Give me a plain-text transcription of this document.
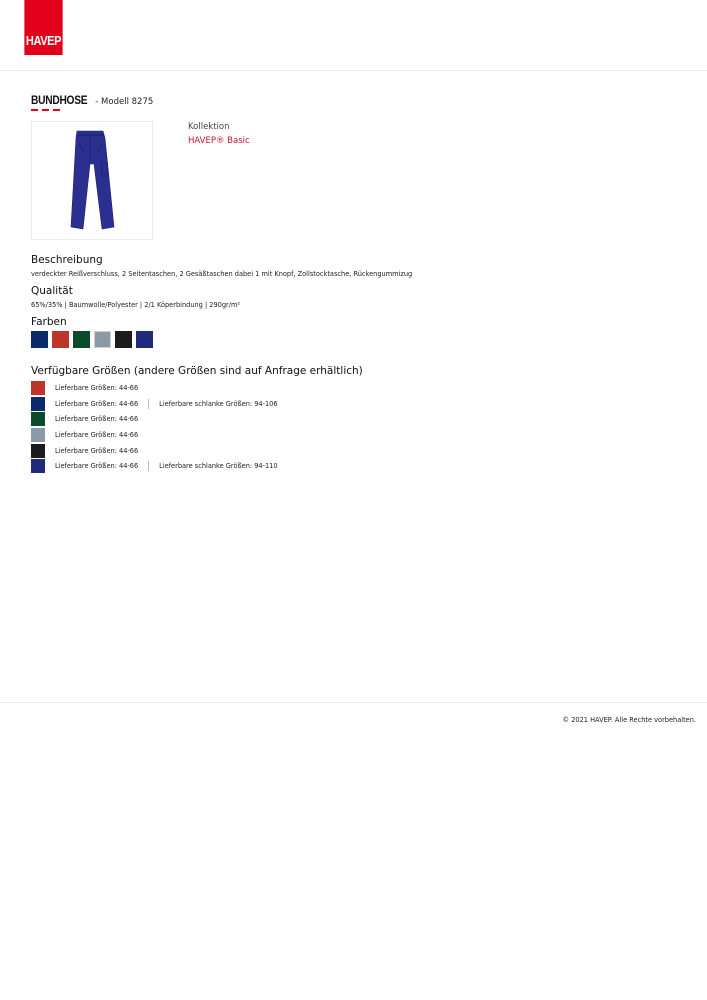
HAVEP
BUNDHOSE - Modell 8275
Kollektion
HAVEP® Basic
Beschreibung
verdeckter Reißverschluss, 2 Seitentaschen, 2 Gesäßtaschen dabei 1 mit Knopf, Zollstocktasche, Rückengummizug
Qualität
65%/35% | Baumwolle/Polyester | 2/1 Köperbindung | 290gr/m²
Farben
Verfügbare Größen (andere Größen sind auf Anfrage erhältlich)
Lieferbare Größen: 44-66
Lieferbare Größen: 44-66	Lieferbare schlanke Größen: 94-106
Lieferbare Größen: 44-66
Lieferbare Größen: 44-66
Lieferbare Größen: 44-66
Lieferbare Größen: 44-66	Lieferbare schlanke Größen: 94-110
© 2021 HAVEP. Alle Rechte vorbehalten.
